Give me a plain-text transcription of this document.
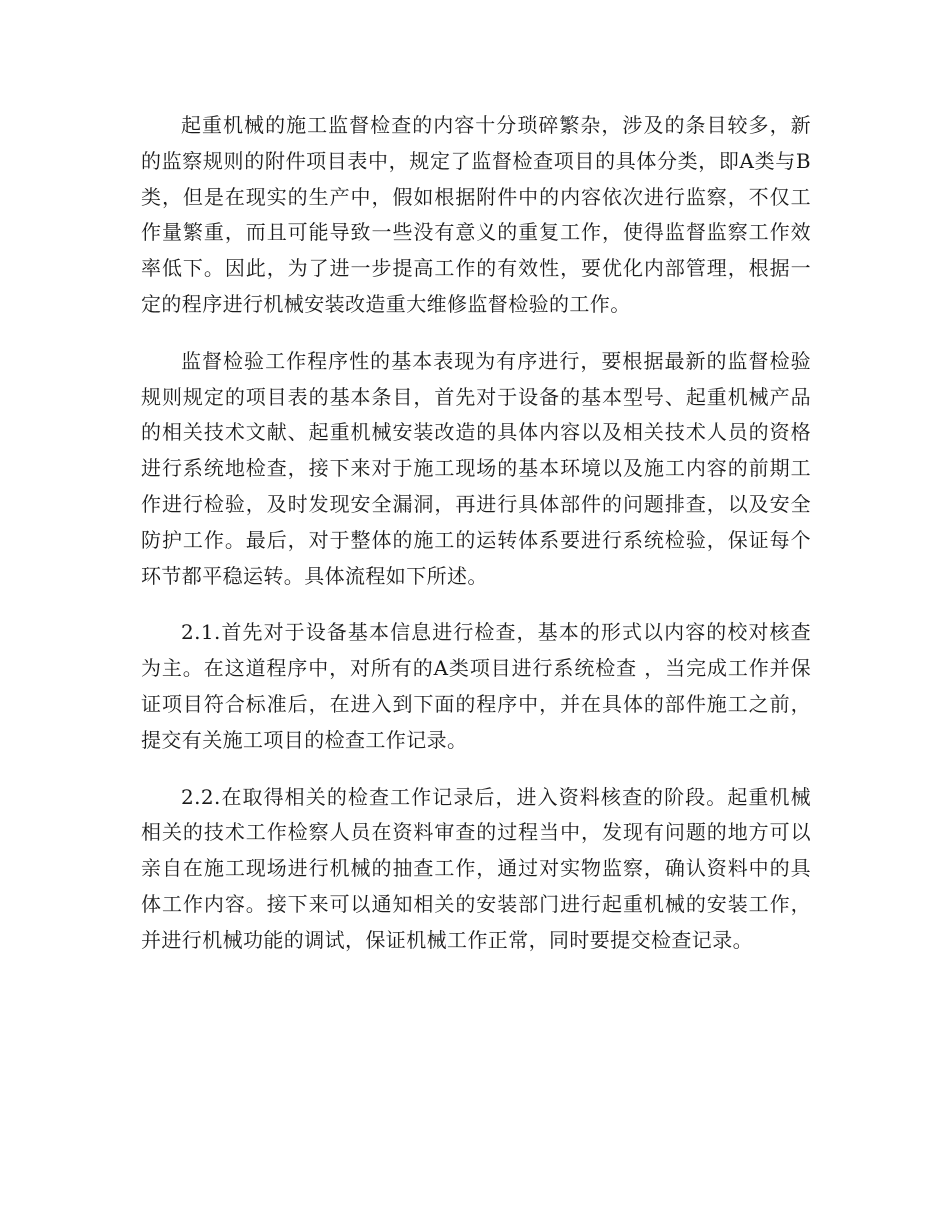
起重机械的施工监督检查的内容十分琐碎繁杂，涉及的条目较多，新的监察规则的附件项目表中，规定了监督检查项目的具体分类，即A类与B类，但是在现实的生产中，假如根据附件中的内容依次进行监察，不仅工作量繁重，而且可能导致一些没有意义的重复工作，使得监督监察工作效率低下。因此，为了进一步提高工作的有效性，要优化内部管理，根据一定的程序进行机械安装改造重大维修监督检验的工作。

监督检验工作程序性的基本表现为有序进行，要根据最新的监督检验规则规定的项目表的基本条目，首先对于设备的基本型号、起重机械产品的相关技术文献、起重机械安装改造的具体内容以及相关技术人员的资格进行系统地检查，接下来对于施工现场的基本环境以及施工内容的前期工作进行检验，及时发现安全漏洞，再进行具体部件的问题排查，以及安全防护工作。最后，对于整体的施工的运转体系要进行系统检验，保证每个环节都平稳运转。具体流程如下所述。

2.1.首先对于设备基本信息进行检查，基本的形式以内容的校对核查为主。在这道程序中，对所有的A类项目进行系统检查 ，当完成工作并保证项目符合标准后，在进入到下面的程序中，并在具体的部件施工之前，提交有关施工项目的检查工作记录。

2.2.在取得相关的检查工作记录后，进入资料核查的阶段。起重机械相关的技术工作检察人员在资料审查的过程当中，发现有问题的地方可以亲自在施工现场进行机械的抽查工作，通过对实物监察，确认资料中的具体工作内容。接下来可以通知相关的安装部门进行起重机械的安装工作，并进行机械功能的调试，保证机械工作正常，同时要提交检查记录。
